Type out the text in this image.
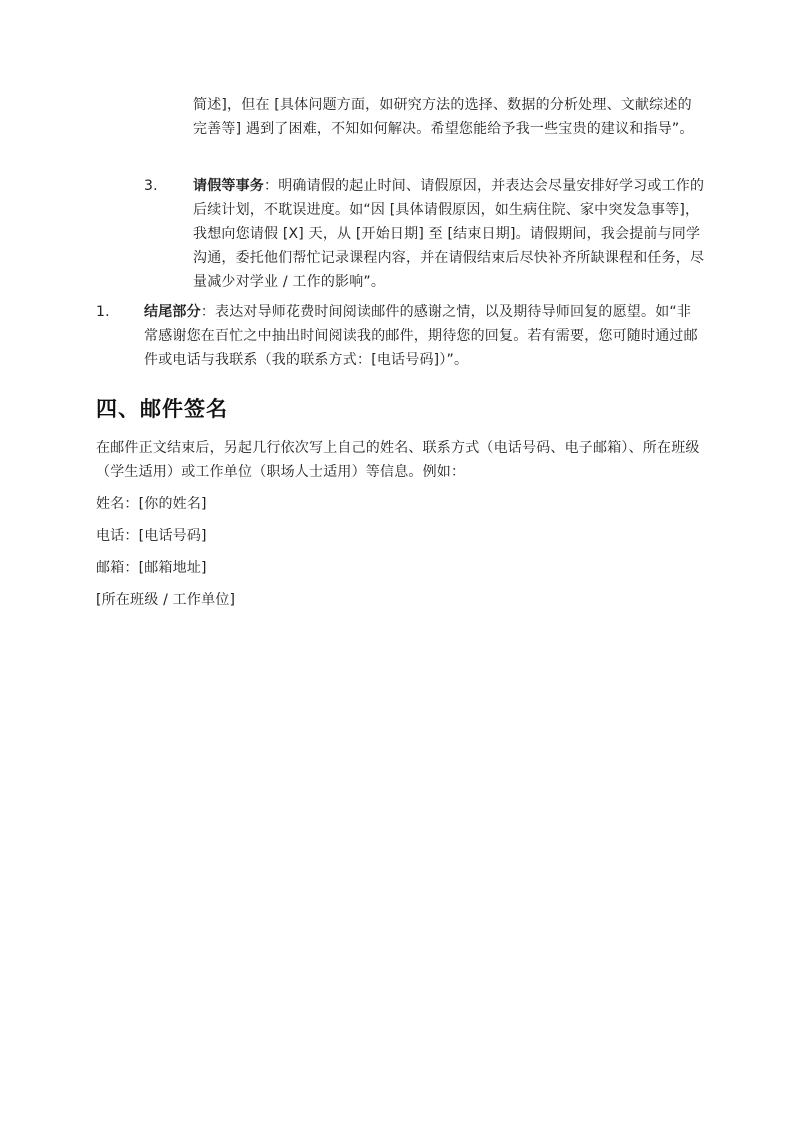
简述]，但在 [具体问题方面，如研究方法的选择、数据的分析处理、文献综述的完善等] 遇到了困难，不知如何解决。希望您能给予我一些宝贵的建议和指导”。
3.	请假等事务：明确请假的起止时间、请假原因，并表达会尽量安排好学习或工作的后续计划，不耽误进度。如“因 [具体请假原因，如生病住院、家中突发急事等]，我想向您请假 [X] 天，从 [开始日期] 至 [结束日期]。请假期间，我会提前与同学沟通，委托他们帮忙记录课程内容，并在请假结束后尽快补齐所缺课程和任务，尽量减少对学业 / 工作的影响”。
1.	结尾部分：表达对导师花费时间阅读邮件的感谢之情，以及期待导师回复的愿望。如“非常感谢您在百忙之中抽出时间阅读我的邮件，期待您的回复。若有需要，您可随时通过邮件或电话与我联系（我的联系方式：[电话号码]）”。
四、邮件签名
在邮件正文结束后，另起几行依次写上自己的姓名、联系方式（电话号码、电子邮箱）、所在班级（学生适用）或工作单位（职场人士适用）等信息。例如：
姓名：[你的姓名]
电话：[电话号码]
邮箱：[邮箱地址]
[所在班级 / 工作单位]
